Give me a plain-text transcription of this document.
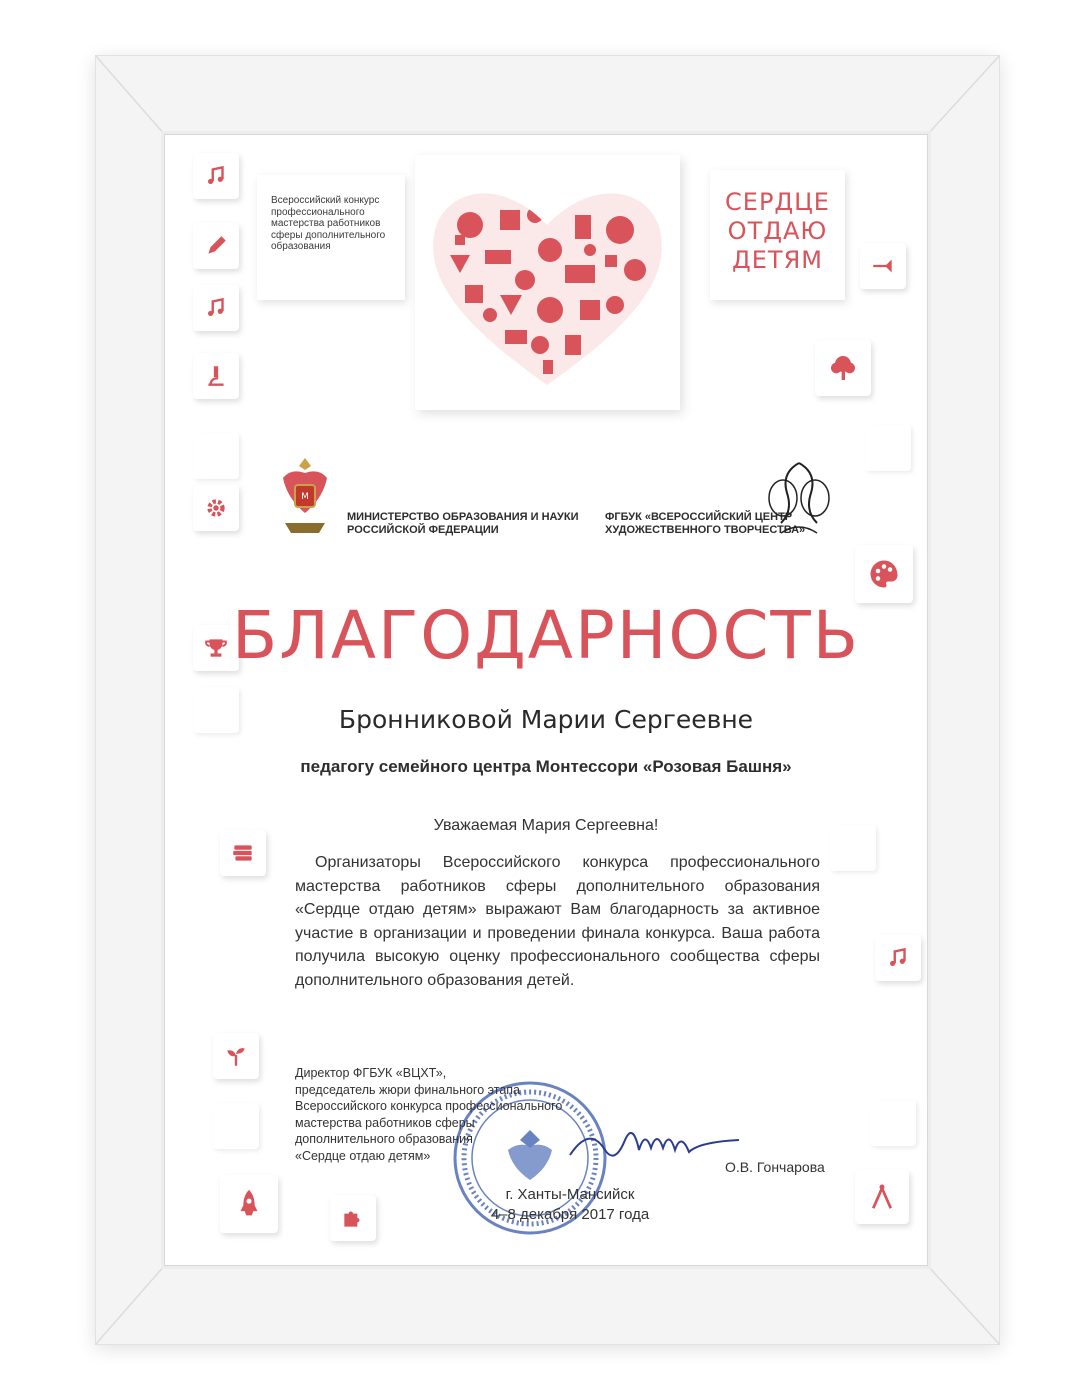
Всероссийский конкурс профессионального мастерства работников сферы дополнительного образования
СЕРДЦЕ
ОТДАЮ
ДЕТЯМ
M
МИНИСТЕРСТВО ОБРАЗОВАНИЯ И НАУКИ
РОССИЙСКОЙ ФЕДЕРАЦИИ
ФГБУК «ВСЕРОССИЙСКИЙ ЦЕНТР
ХУДОЖЕСТВЕННОГО ТВОРЧЕСТВА»
БЛАГОДАРНОСТЬ
Бронниковой Марии Сергеевне
педагогу семейного центра Монтессори «Розовая Башня»
Уважаемая Мария Сергеевна!
Организаторы Всероссийского конкурса профессионального мастерства работников сферы дополнительного образования «Сердце отдаю детям» выражают Вам благодарность за активное участие в организации и проведении финала конкурса. Ваша работа получила высокую оценку профессионального сообщества сферы дополнительного образования детей.
Директор ФГБУК «ВЦХТ»,
председатель жюри финального этапа
Всероссийского конкурса профессионального
мастерства работников сферы
дополнительного образования
«Сердце отдаю детям»
О.В. Гончарова
г. Ханты-Мансийск
4–8 декабря 2017 года
